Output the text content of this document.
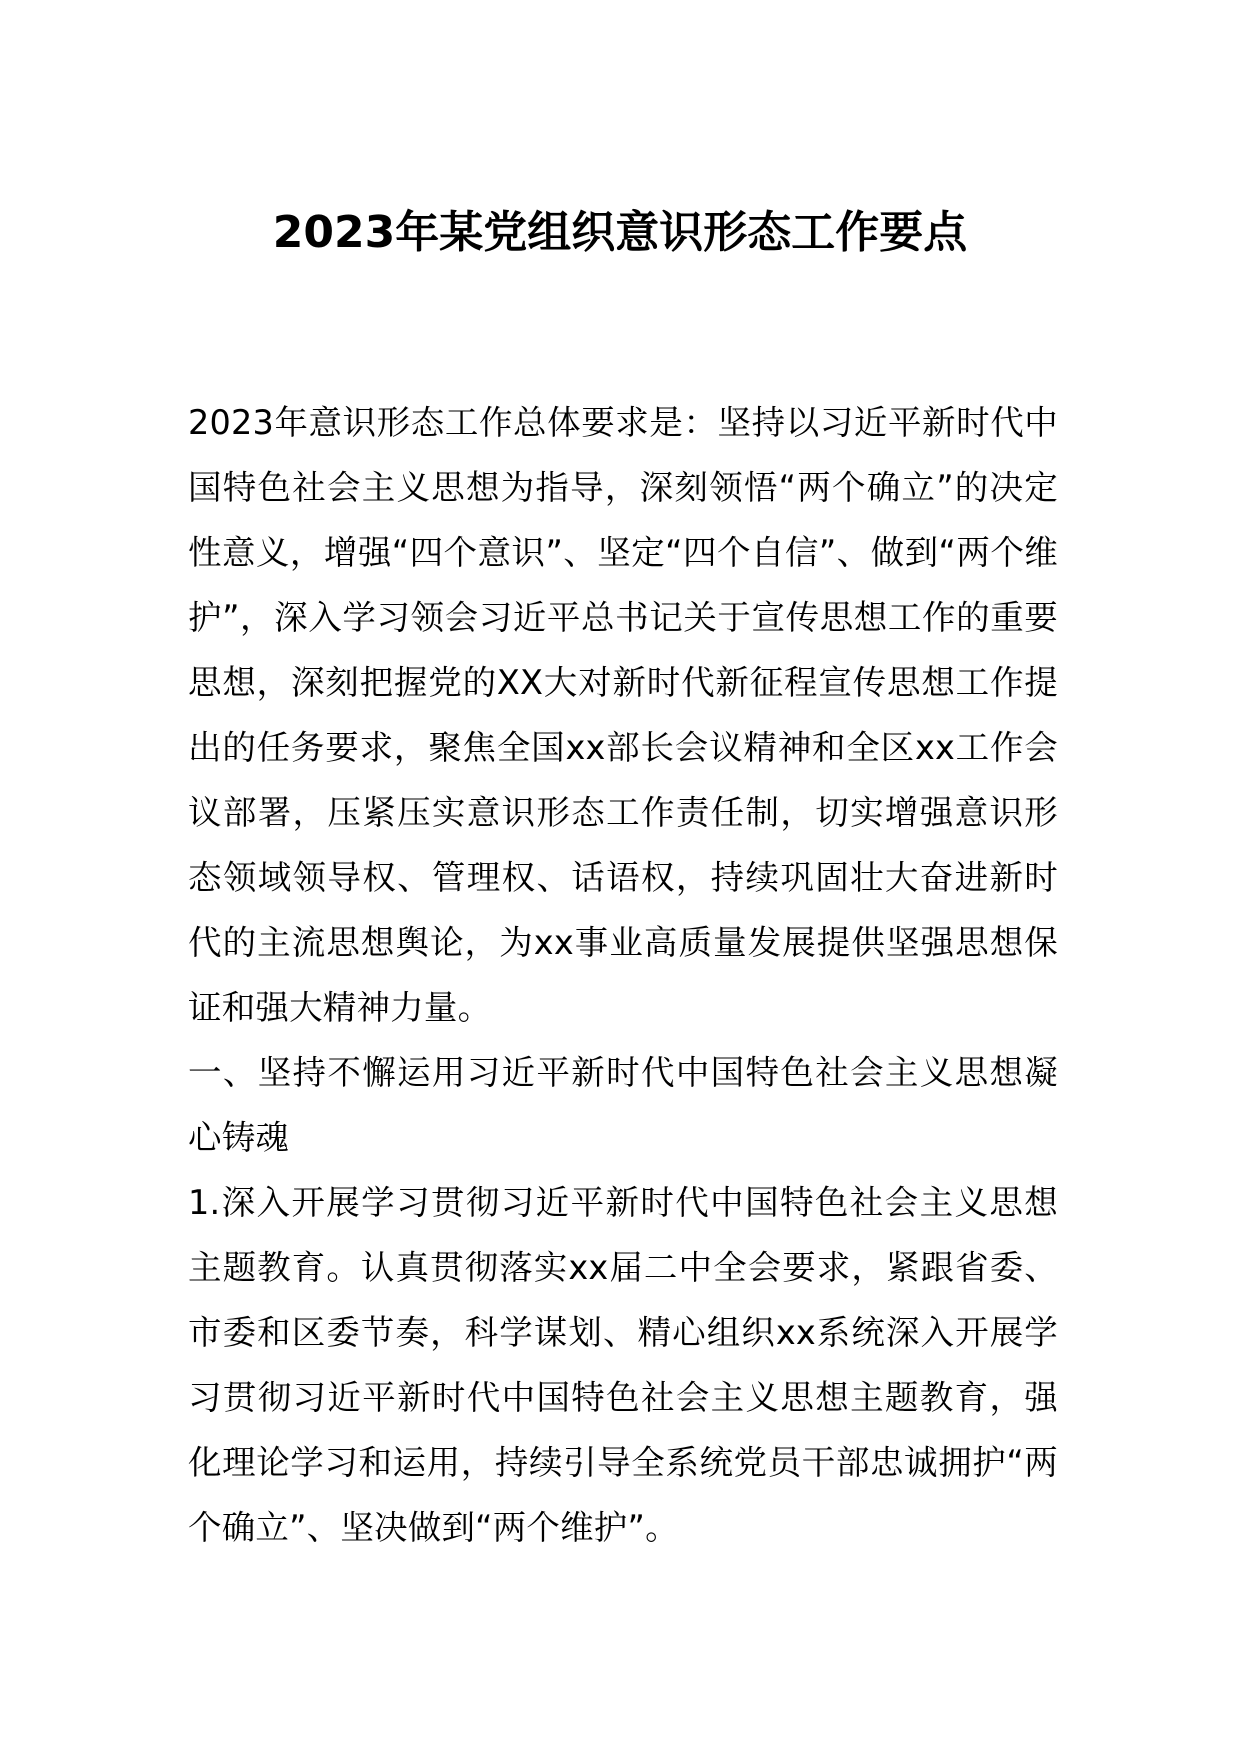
2023年某党组织意识形态工作要点

2023年意识形态工作总体要求是：坚持以习近平新时代中国特色社会主义思想为指导，深刻领悟“两个确立”的决定性意义，增强“四个意识”、坚定“四个自信”、做到“两个维护”，深入学习领会习近平总书记关于宣传思想工作的重要思想，深刻把握党的XX大对新时代新征程宣传思想工作提出的任务要求，聚焦全国xx部长会议精神和全区xx工作会议部署，压紧压实意识形态工作责任制，切实增强意识形态领域领导权、管理权、话语权，持续巩固壮大奋进新时代的主流思想舆论，为xx事业高质量发展提供坚强思想保证和强大精神力量。

一、坚持不懈运用习近平新时代中国特色社会主义思想凝心铸魂

1.深入开展学习贯彻习近平新时代中国特色社会主义思想主题教育。认真贯彻落实xx届二中全会要求，紧跟省委、市委和区委节奏，科学谋划、精心组织xx系统深入开展学习贯彻习近平新时代中国特色社会主义思想主题教育，强化理论学习和运用，持续引导全系统党员干部忠诚拥护“两个确立”、坚决做到“两个维护”。
